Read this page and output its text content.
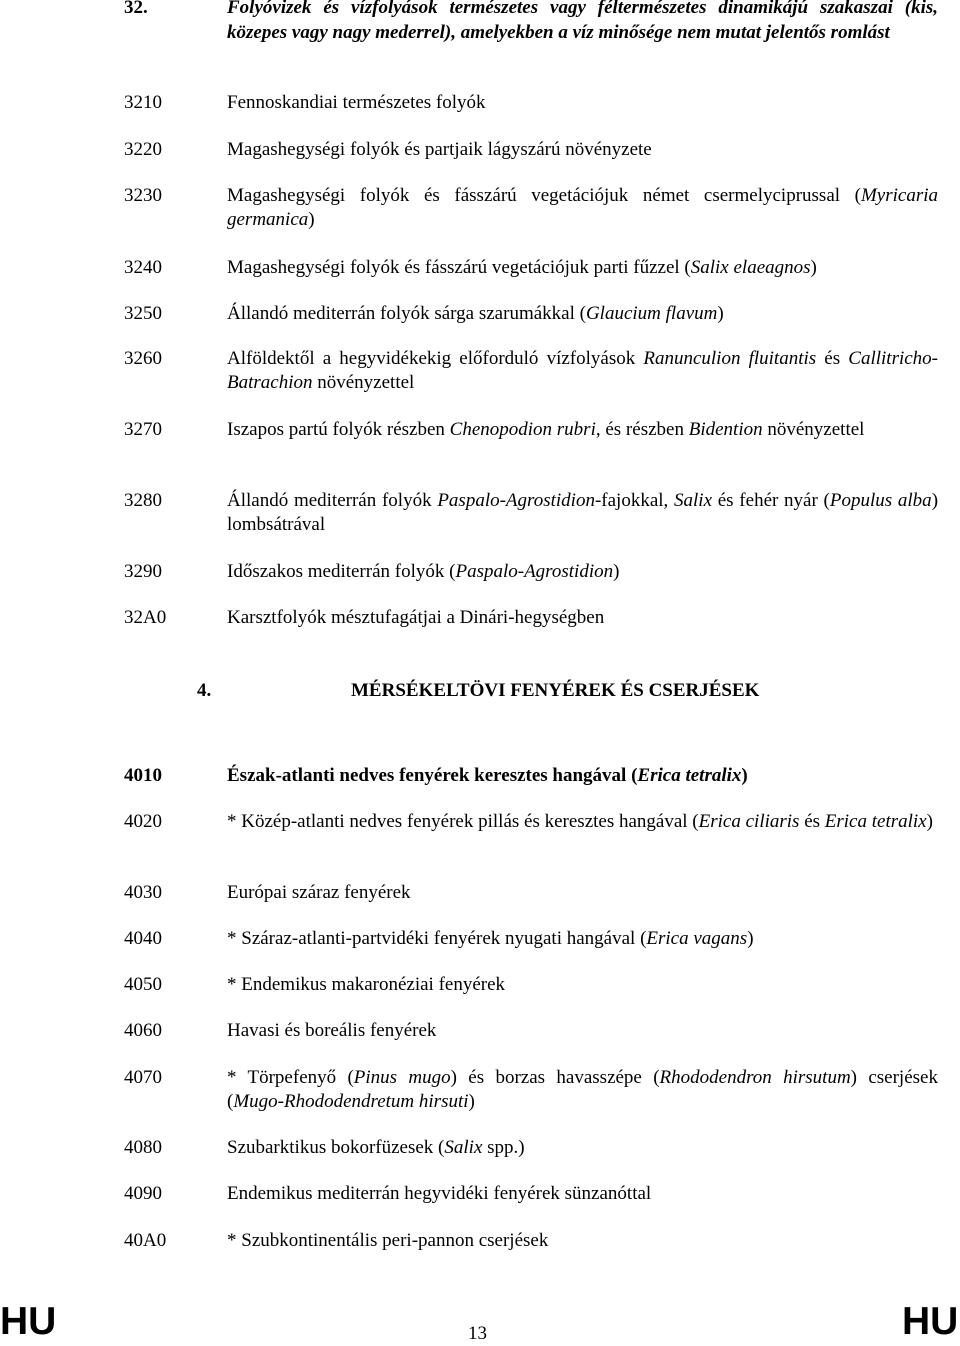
32.	Folyóvizek és vízfolyások természetes vagy féltermészetes dinamikájú szakaszai (kis, közepes vagy nagy mederrel), amelyekben a víz minősége nem mutat jelentős romlást
3210	Fennoskandiai természetes folyók
3220	Magashegységi folyók és partjaik lágyszárú növényzete
3230	Magashegységi folyók és fásszárú vegetációjuk német csermelyciprussal (Myricaria germanica)
3240	Magashegységi folyók és fásszárú vegetációjuk parti fűzzel (Salix elaeagnos)
3250	Állandó mediterrán folyók sárga szarumákkal (Glaucium flavum)
3260	Alföldektől a hegyvidékekig előforduló vízfolyások Ranunculion fluitantis és Callitricho-Batrachion növényzettel
3270	Iszapos partú folyók részben Chenopodion rubri, és részben Bidention növényzettel
3280	Állandó mediterrán folyók Paspalo-Agrostidion-fajokkal, Salix és fehér nyár (Populus alba) lombsátrával
3290	Időszakos mediterrán folyók (Paspalo-Agrostidion)
32A0	Karsztfolyók mésztufagátjai a Dinári-hegységben
4.	MÉRSÉKELTÖVI FENYÉREK ÉS CSERJÉSEK
4010	Észak-atlanti nedves fenyérek keresztes hangával (Erica tetralix)
4020	* Közép-atlanti nedves fenyérek pillás és keresztes hangával (Erica ciliaris és Erica tetralix)
4030	Európai száraz fenyérek
4040	* Száraz-atlanti-partvidéki fenyérek nyugati hangával (Erica vagans)
4050	* Endemikus makaronéziai fenyérek
4060	Havasi és boreális fenyérek
4070	* Törpefenyő (Pinus mugo) és borzas havasszépe (Rhododendron hirsutum) cserjések (Mugo-Rhododendretum hirsuti)
4080	Szubarktikus bokorfüzesek (Salix spp.)
4090	Endemikus mediterrán hegyvidéki fenyérek sünzanóttal
40A0	* Szubkontinentális peri-pannon cserjések
HU	13	HU
